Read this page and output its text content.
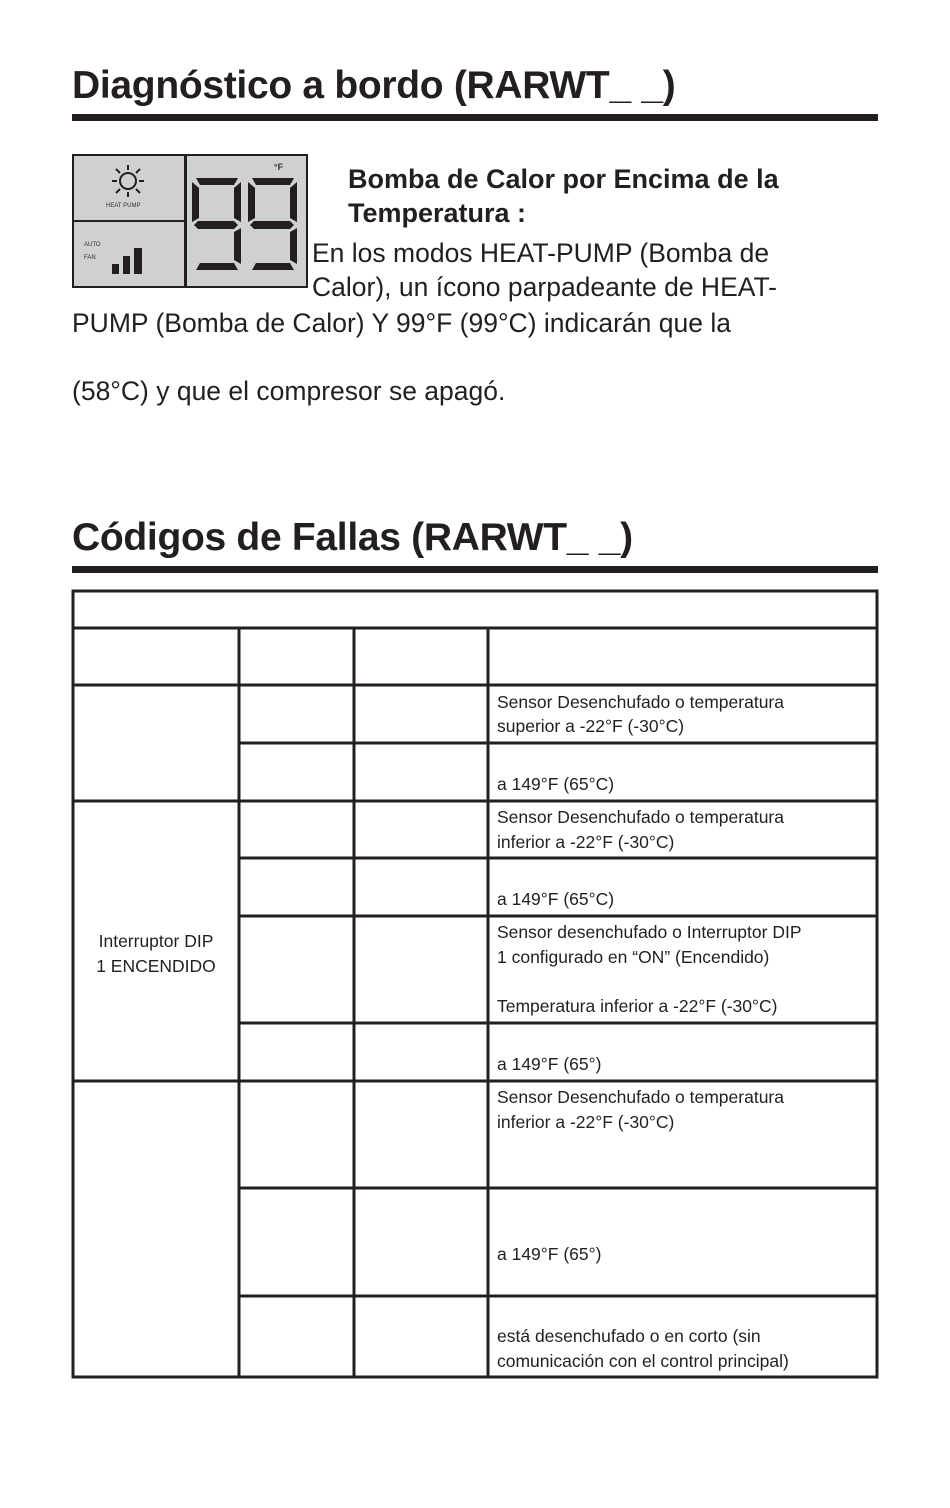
Diagnóstico a bordo (RARWT_ _)
HEAT PUMP
AUTO
FAN
°F Bomba de Calor por Encima de la
Temperatura :
En los modos HEAT-PUMP (Bomba de
Calor), un ícono parpadeante de HEAT-
PUMP (Bomba de Calor) Y 99°F (99°C) indicarán que la
(58°C) y que el compresor se apagó.
Códigos de Fallas (RARWT_ _)
Sensor Desenchufado o temperatura
superior a -22°F (-30°C)
a 149°F (65°C)
Sensor Desenchufado o temperatura
inferior a -22°F (-30°C)
a 149°F (65°C)
Interruptor DIP
1 ENCENDIDO
Sensor desenchufado o Interruptor DIP
1 configurado en “ON” (Encendido)
Temperatura inferior a -22°F (-30°C)
a 149°F (65°)
Sensor Desenchufado o temperatura
inferior a -22°F (-30°C)
a 149°F (65°)
está desenchufado o en corto (sin
comunicación con el control principal)
